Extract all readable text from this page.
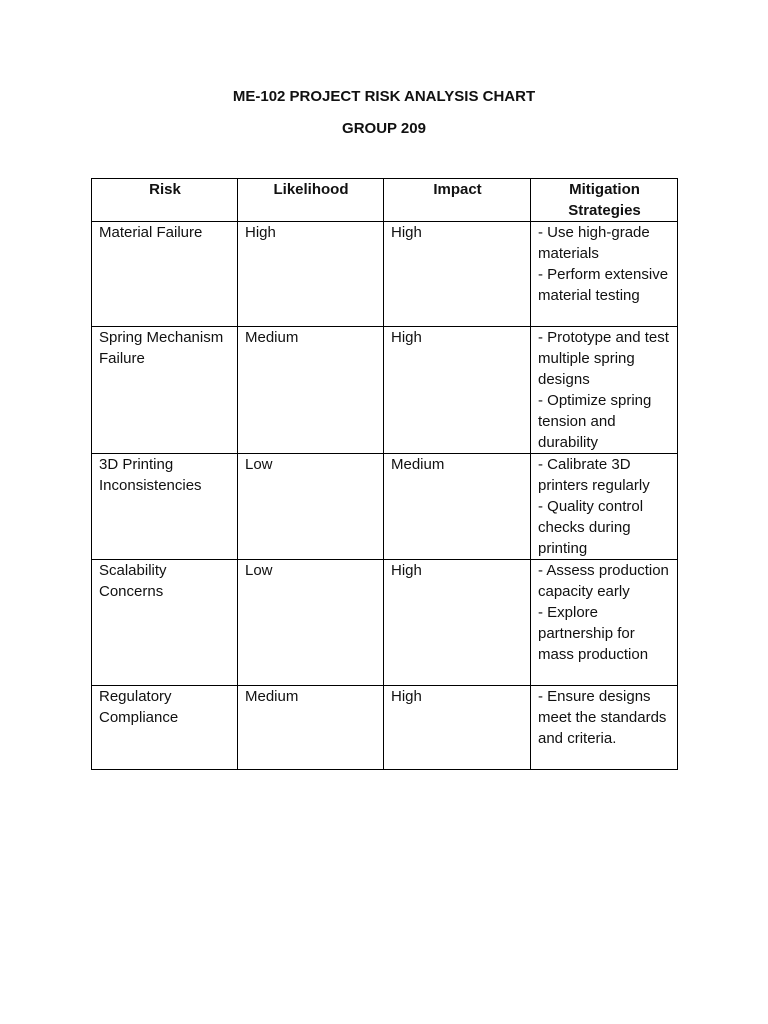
ME-102 PROJECT RISK ANALYSIS CHART
GROUP 209
Risk	Likelihood	Impact	Mitigation Strategies
Material Failure	High	High	- Use high-grade materials
- Perform extensive material testing

Spring Mechanism Failure	Medium	High	- Prototype and test multiple spring designs
- Optimize spring tension and durability

3D Printing Inconsistencies	Low	Medium	- Calibrate 3D printers regularly
- Quality control checks during printing

Scalability Concerns	Low	High	- Assess production capacity early
- Explore partnership for mass production

Regulatory Compliance	Medium	High	- Ensure designs meet the standards and criteria.
